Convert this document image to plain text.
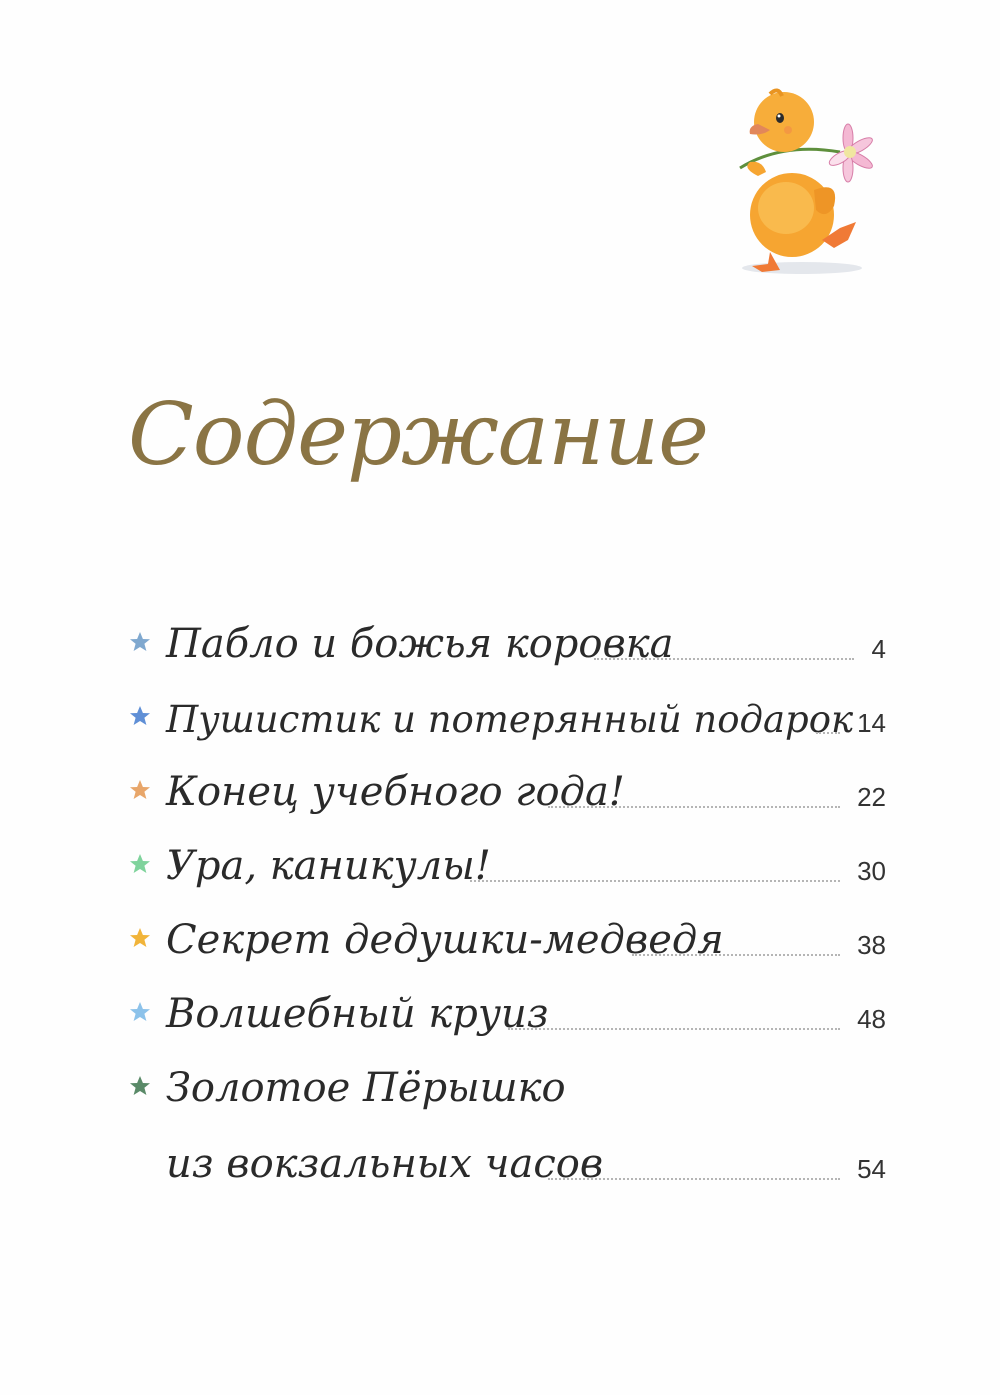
Содержание
Пабло и божья коровка	4
Пушистик и потерянный подарок 14
Конец учебного года!	22
Ура, каникулы!	30
Секрет дедушки-медведя	38
Волшебный круиз	48
Золотое Пёрышко
из вокзальных часов	54
